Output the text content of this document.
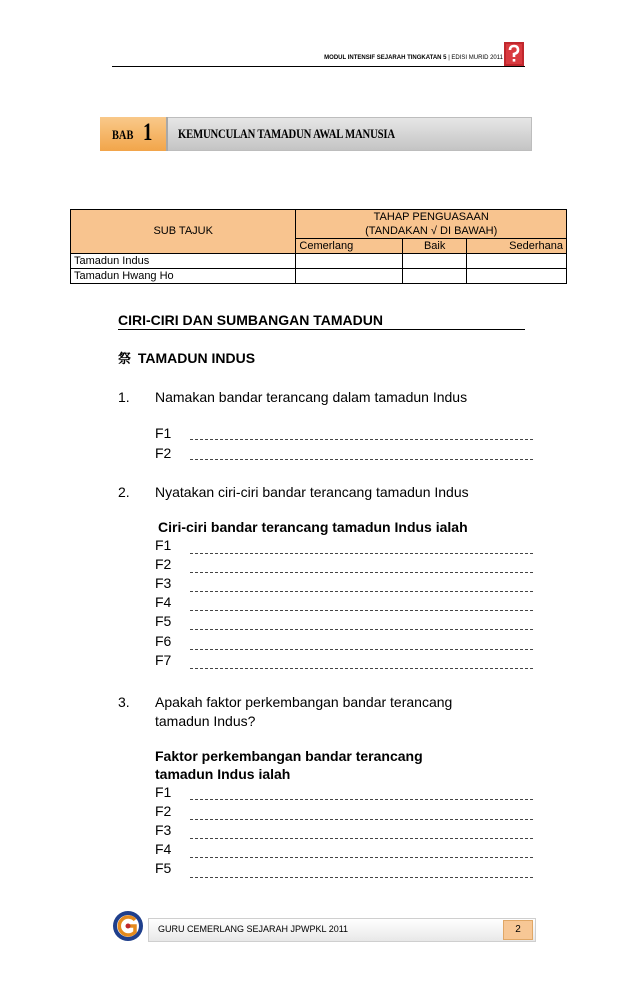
MODUL INTENSIF SEJARAH TINGKATAN 5 | EDISI MURID 2011
BAB 1 KEMUNCULAN TAMADUN AWAL MANUSIA
SUB TAJUK	TAHAP PENGUASAAN
(TANDAKAN √ DI BAWAH)		

	Cemerlang	Baik	Sederhana
Tamadun Indus			
Tamadun Hwang Ho			
CIRI-CIRI DAN SUMBANGAN TAMADUN
祭 TAMADUN INDUS
1. Namakan bandar terancang dalam tamadun Indus
F1
F2
2. Nyatakan ciri-ciri bandar terancang tamadun Indus
Ciri-ciri bandar terancang tamadun Indus ialah
F1
F2
F3
F4
F5
F6
F7
3. Apakah faktor perkembangan bandar terancang
tamadun Indus?
Faktor perkembangan bandar terancang
tamadun Indus ialah
F1
F2
F3
F4
F5
GURU CEMERLANG SEJARAH JPWPKL 2011	2
